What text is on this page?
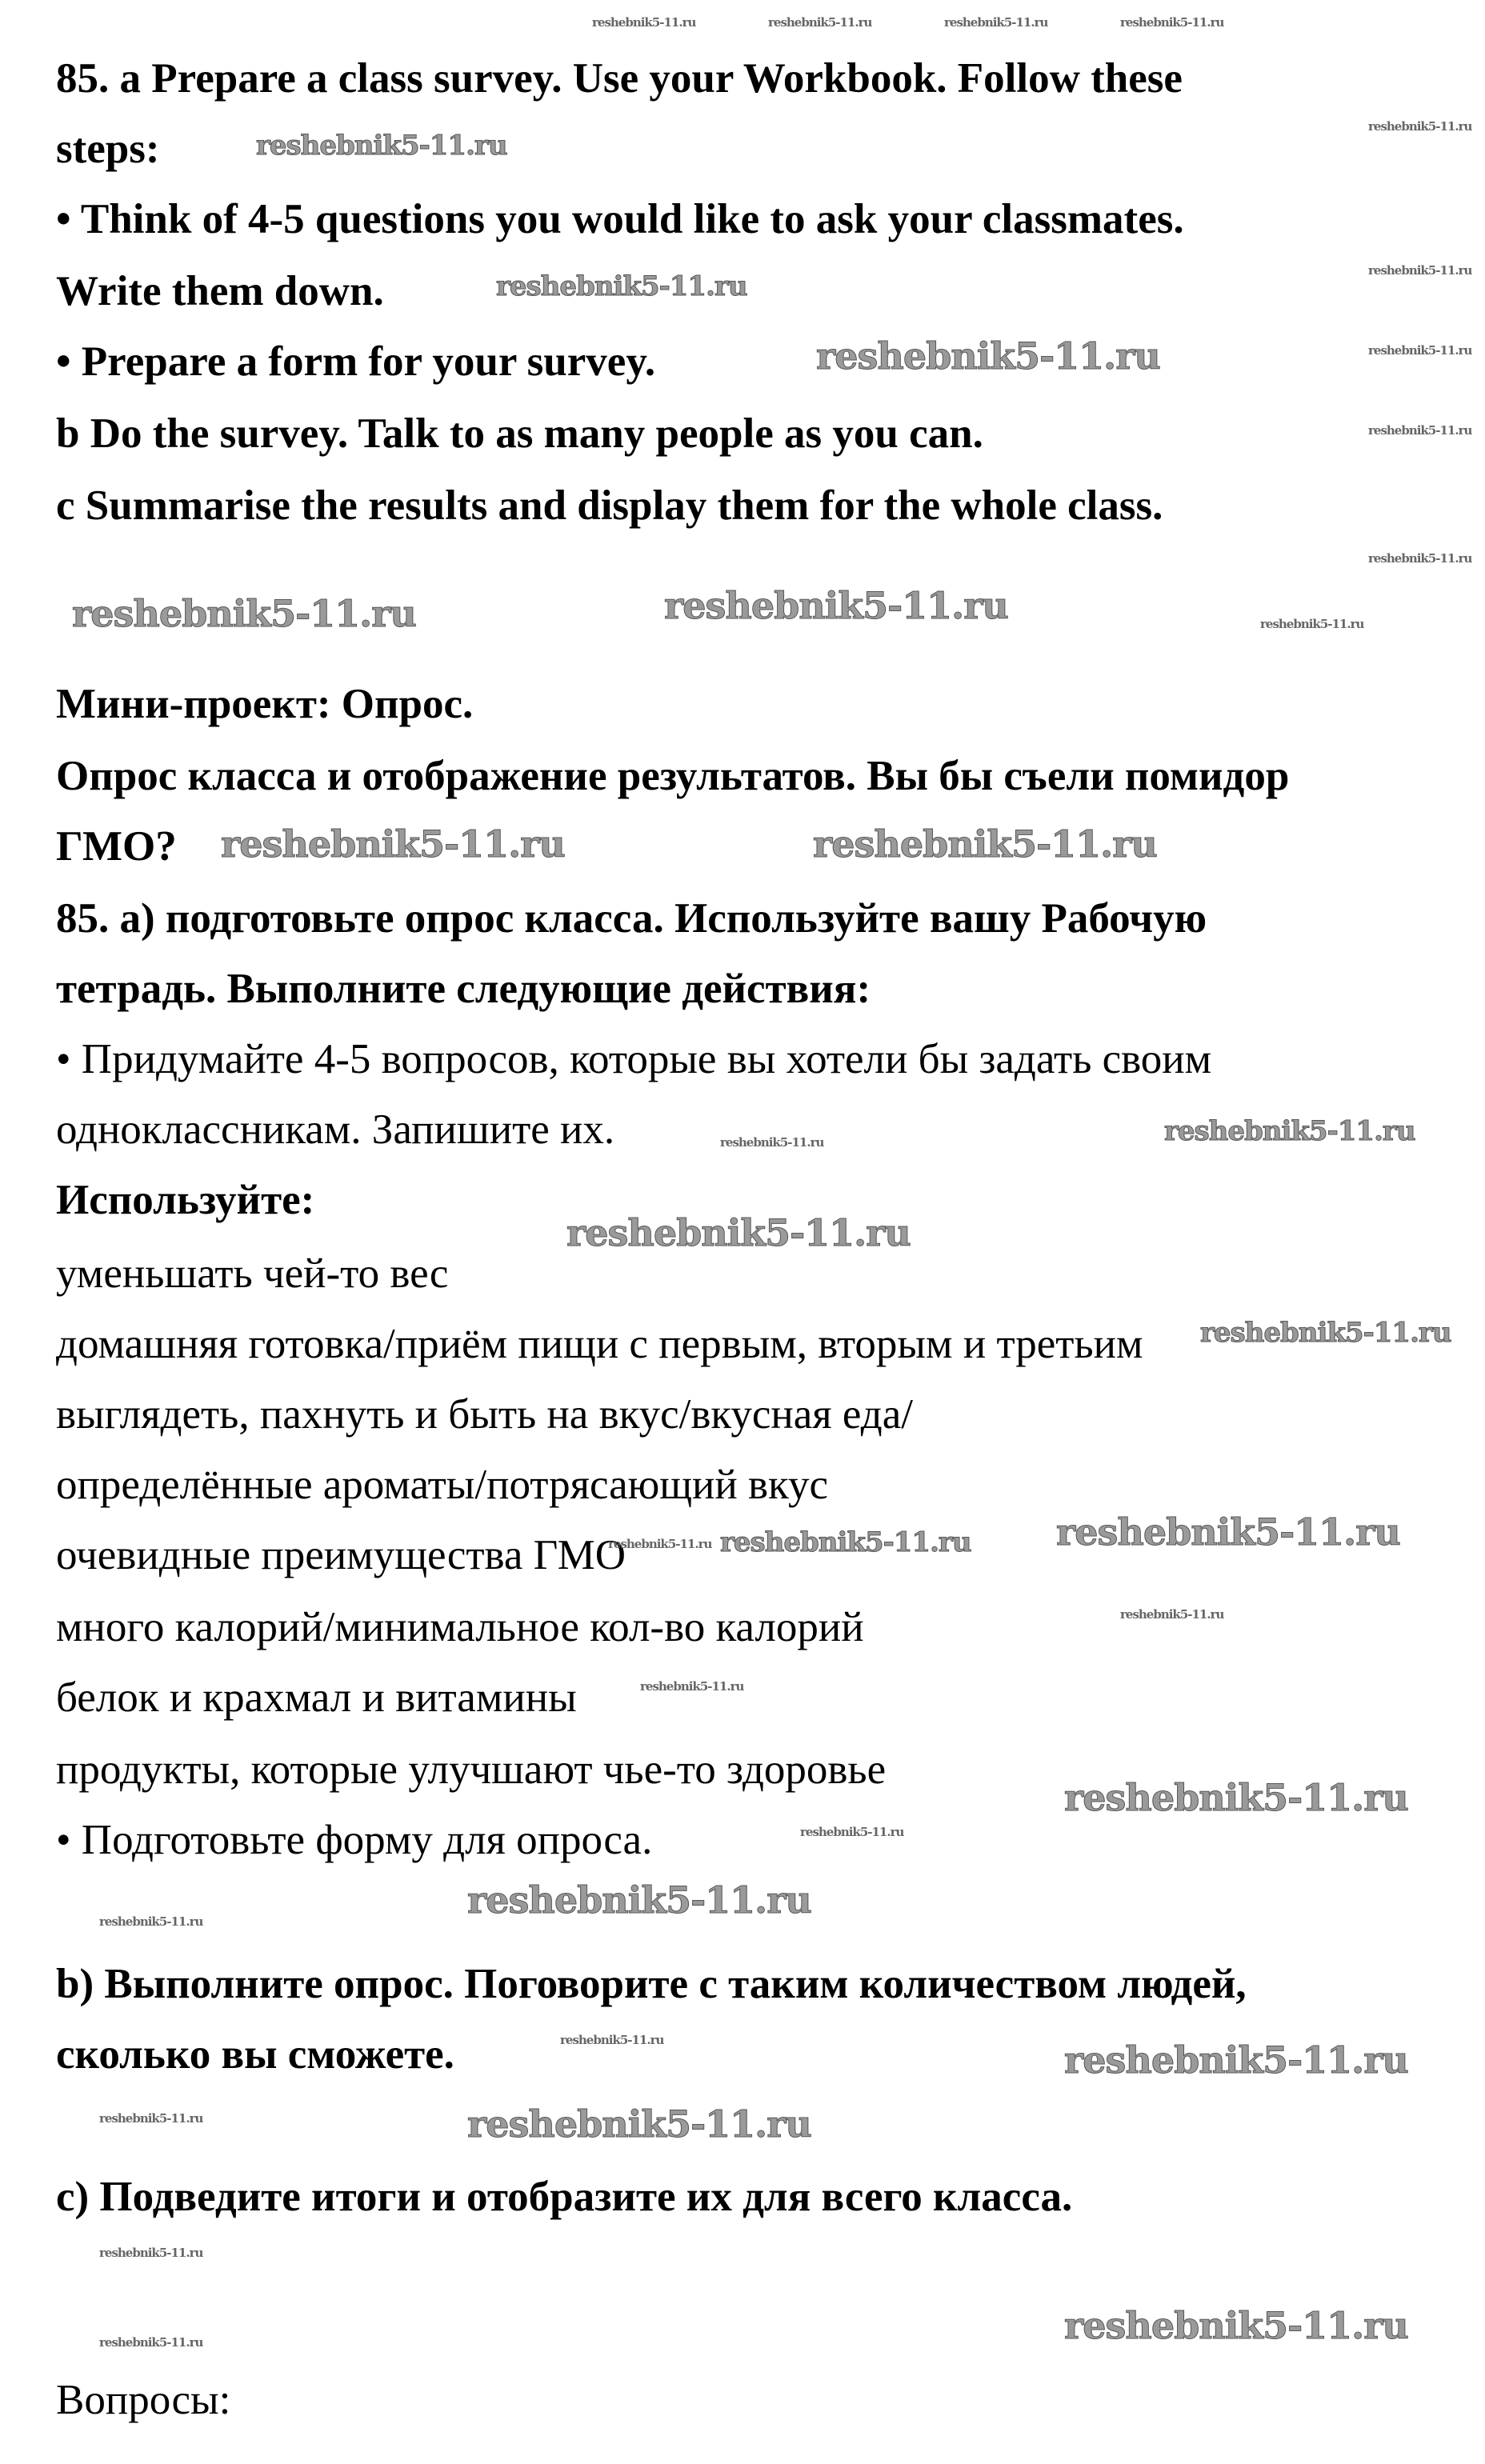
85. a Prepare a class survey. Use your Workbook. Follow these
steps:
• Think of 4-5 questions you would like to ask your classmates.
Write them down.
• Prepare a form for your survey.
b Do the survey. Talk to as many people as you can.
c Summarise the results and display them for the whole class.
Мини-проект: Опрос.
Опрос класса и отображение результатов. Вы бы съели помидор
ГМО?
85. а) подготовьте опрос класса. Используйте вашу Рабочую
тетрадь. Выполните следующие действия:
• Придумайте 4-5 вопросов, которые вы хотели бы задать своим
одноклассникам. Запишите их.
Используйте:
уменьшать чей-то вес
домашняя готовка/приём пищи с первым, вторым и третьим
выглядеть, пахнуть и быть на вкус/вкусная еда/
определённые ароматы/потрясающий вкус
очевидные преимущества ГМО
много калорий/минимальное кол-во калорий
белок и крахмал и витамины
продукты, которые улучшают чье-то здоровье
• Подготовьте форму для опроса.
b) Выполните опрос. Поговорите с таким количеством людей,
сколько вы сможете.
c) Подведите итоги и отобразите их для всего класса.
Вопросы:
reshebnik5-11.ru	reshebnik5-11.ru	reshebnik5-11.ru	reshebnik5-11.ru
reshebnik5-11.ru
reshebnik5-11.ru
reshebnik5-11.ru
reshebnik5-11.ru
reshebnik5-11.ru	reshebnik5-11.ru
reshebnik5-11.ru
reshebnik5-11.ru
reshebnik5-11.ru	reshebnik5-11.ru	reshebnik5-11.ru
reshebnik5-11.ru	reshebnik5-11.ru
reshebnik5-11.ru
reshebnik5-11.ru
reshebnik5-11.ru
reshebnik5-11.ru
reshebnik5-11.ru reshebnik5-11.ru reshebnik5-11.ru
reshebnik5-11.ru
reshebnik5-11.ru
reshebnik5-11.ru
reshebnik5-11.ru
reshebnik5-11.ru
reshebnik5-11.ru
reshebnik5-11.ru	reshebnik5-11.ru
reshebnik5-11.ru	reshebnik5-11.ru
reshebnik5-11.ru
reshebnik5-11.ru
reshebnik5-11.ru
